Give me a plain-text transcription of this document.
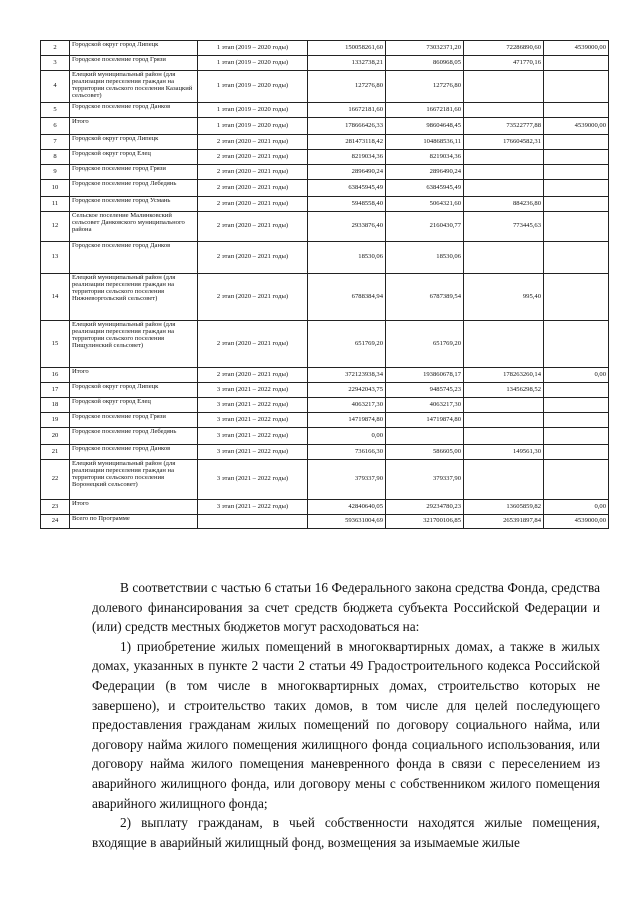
2	Городской округ город Липецк	1 этап (2019 – 2020 годы)	150058261,60	73032371,20	72286890,60	4539000,00
3	Городское поселение город Грязи	1 этап (2019 – 2020 годы)	1332738,21	860968,05	471770,16	
4	Елецкий муниципальный район (для реализации переселения граждан на территории сельского поселения Казацкий сельсовет)	1 этап (2019 – 2020 годы)	127276,80	127276,80		
5	Городское поселение город Данков	1 этап (2019 – 2020 годы)	16672181,60	16672181,60		
6	Итого	1 этап (2019 – 2020 годы)	178666426,33	98604648,45	73522777,88	4539000,00
7	Городской округ город Липецк	2 этап (2020 – 2021 годы)	281473118,42	104868536,11	176604582,31	
8	Городской округ город Елец	2 этап (2020 – 2021 годы)	8219034,36	8219034,36		
9	Городское поселение город Грязи	2 этап (2020 – 2021 годы)	2896490,24	2896490,24		
10	Городское поселение город Лебедянь	2 этап (2020 – 2021 годы)	63845945,49	63845945,49		
11	Городское поселение город Усмань	2 этап (2020 – 2021 годы)	5948558,40	5064321,60	884236,80	
12	Сельское поселение Малинковский сельсовет Данковского муниципального района	2 этап (2020 – 2021 годы)	2933876,40	2160430,77	773445,63	
13	Городское поселение город Данков	2 этап (2020 – 2021 годы)	18530,06	18530,06		
14	Елецкий муниципальный район (для реализации переселения граждан на территории сельского поселения Нижневоргольский сельсовет)	2 этап (2020 – 2021 годы)	6788384,94	6787389,54	995,40	
15	Елецкий муниципальный район (для реализации переселения граждан на территории сельского поселения Пищулинский сельсовет)	2 этап (2020 – 2021 годы)	651769,20	651769,20		
16	Итого	2 этап (2020 – 2021 годы)	372123938,34	193860678,17	178263260,14	0,00
17	Городской округ город Липецк	3 этап (2021 – 2022 годы)	22942043,75	9485745,23	13456298,52	
18	Городской округ город Елец	3 этап (2021 – 2022 годы)	4063217,30	4063217,30		
19	Городское поселение город Грязи	3 этап (2021 – 2022 годы)	14719874,80	14719874,80		
20	Городское поселение город Лебедянь	3 этап (2021 – 2022 годы)	0,00			
21	Городское поселение город Данков	3 этап (2021 – 2022 годы)	736166,30	586605,00	149561,30	
22	Елецкий муниципальный район (для реализации переселения граждан на территории сельского поселения Воронецкий сельсовет)	3 этап (2021 – 2022 годы)	379337,90	379337,90		
23	Итого	3 этап (2021 – 2022 годы)	42840640,05	29234780,23	13605859,82	0,00
24	Всего по Программе		593631004,69	321700106,85	265391897,84	4539000,00

В соответствии с частью 6 статьи 16 Федерального закона средства Фонда, средства долевого финансирования за счет средств бюджета субъекта Российской Федерации и (или) средств местных бюджетов могут расходоваться на:

1) приобретение жилых помещений в многоквартирных домах, а также в жилых домах, указанных в пункте 2 части 2 статьи 49 Градостроительного кодекса Российской Федерации (в том числе в многоквартирных домах, строительство которых не завершено), и строительство таких домов, в том числе для целей последующего предоставления гражданам жилых помещений по договору социального найма, или договору найма жилого помещения жилищного фонда социального использования, или договору найма жилого помещения маневренного фонда в связи с переселением из аварийного жилищного фонда, или договору мены с собственником жилого помещения аварийного жилищного фонда;

2) выплату гражданам, в чьей собственности находятся жилые помещения, входящие в аварийный жилищный фонд, возмещения за изымаемые жилые
